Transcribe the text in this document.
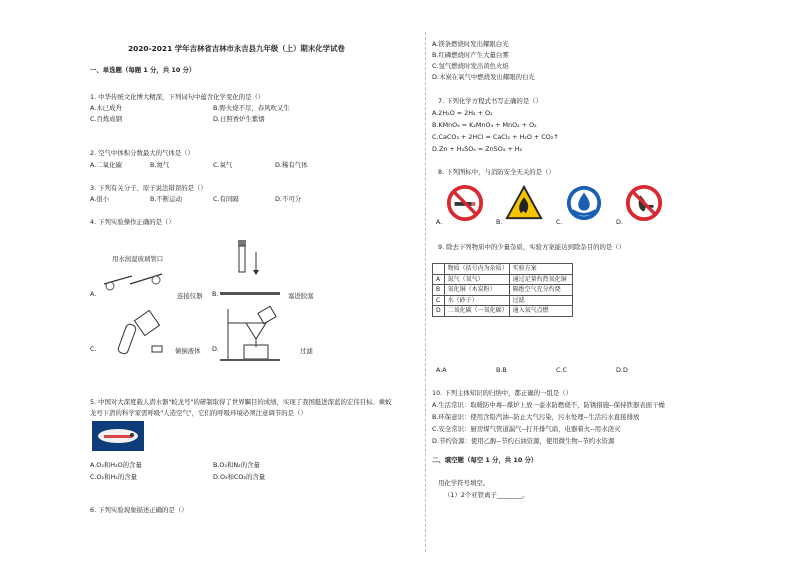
2020-2021 学年吉林省吉林市永吉县九年级（上）期末化学试卷
一、单选题（每题 1 分，共 10 分）
1. 中华传统文化博大精深，下列词句中蕴含化学变化的是（）
A.木已成舟	B.野火烧不尽，春风吹又生
C.百炼成钢	D.日照香炉生紫烟
2. 空气中体积分数最大的气体是（）
A.二氧化碳	B.氮气	C.氧气	D.稀有气体
3. 下列有关分子、原子说法错误的是（）
A.很小	B.不断运动	C.有间隔	D.不可分
4. 下列实验操作正确的是（）
用水润湿玻璃管口
A.	连接仪器 B.	塞进胶塞
C.	倾倒液体 D.	过滤
5. 中国对大深度载人潜水器"蛟龙号"的研制取得了世界瞩目的成绩，实现了我国挺进深蓝的宏伟目标。乘蛟
龙号下潜的科学家需呼吸"人造空气"，它们的呼吸环境必须注意调节的是（）
A.O₂和H₂O的含量	B.O₂和N₂的含量
C.O₂和H₂的含量	D.O₂和CO₂的含量
6. 下列实验现象描述正确的是（）
A.镁条燃烧时发出耀眼白光
B.红磷燃烧时产生大量白雾
C.氢气燃烧时发出黄色火焰
D.木炭在氧气中燃烧发出耀眼的白光
7. 下列化学方程式书写正确的是（）
A.2H₂O = 2H₂ + O₂
B.KMnO₄ = K₂MnO₄ + MnO₂ + O₂
C.CaCO₃ + 2HCl = CaCl₂ + H₂O + CO₂↑
D.Zn + H₂SO₄ = ZnSO₄ + H₂
8. 下列图标中，与消防安全无关的是（）
A.	B.	C.	D.
9. 除去下列物质中的少量杂质，实验方案能达到除杂目的的是（）
	物质（括号内为杂质）	实验方案
A	氮气（氧气）	通过足量灼热氧化铜
B	氧化铜（木炭粉）	隔绝空气充分灼烧
C	水（砂子）	过滤
D	二氧化碳（一氧化碳）	通入氧气点燃
A.A	B.B	C.C	D.D
10. 下列主体知识的归纳中，都正确的一组是（）
A.生活常识：取暖防中毒--煤炉上放一壶水防燃烧不，防锈措施--保持铁器表面干燥
B.环保意识：使用含铅汽油--防止大气污染，污水处理--生活污水直接排放
C.安全常识：厨房煤气管道漏气--打开排气扇，电器着火--用水浇灭
D.节约资源：使用乙醇--节约石油资源，使用微生物--节约水资源
二、填空题（每空 1 分，共 10 分）
用化学符号填空。
（1）2个亚铁离子________。
